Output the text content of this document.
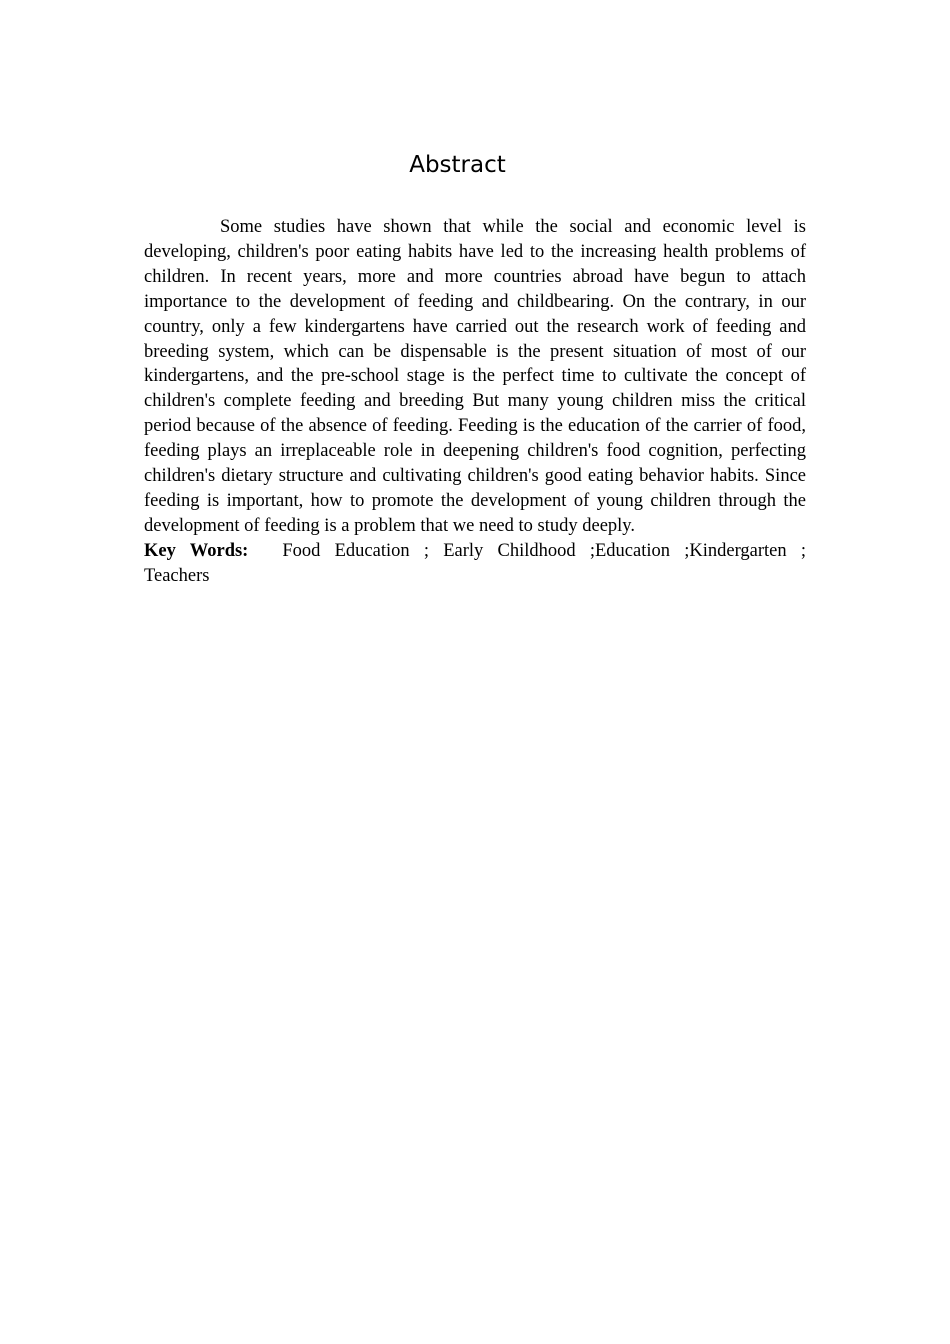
Abstract

Some studies have shown that while the social and economic level is developing, children's poor eating habits have led to the increasing health problems of children. In recent years, more and more countries abroad have begun to attach importance to the development of feeding and childbearing. On the contrary, in our country, only a few kindergartens have carried out the research work of feeding and breeding system, which can be dispensable is the present situation of most of our kindergartens, and the pre-school stage is the perfect time to cultivate the concept of children's complete feeding and breeding But many young children miss the critical period because of the absence of feeding. Feeding is the education of the carrier of food, feeding plays an irreplaceable role in deepening children's food cognition, perfecting children's dietary structure and cultivating children's good eating behavior habits. Since feeding is important, how to promote the development of young children through the development of feeding is a problem that we need to study deeply.

Key Words: Food Education ; Early Childhood ;Education ;Kindergarten ; Teachers
